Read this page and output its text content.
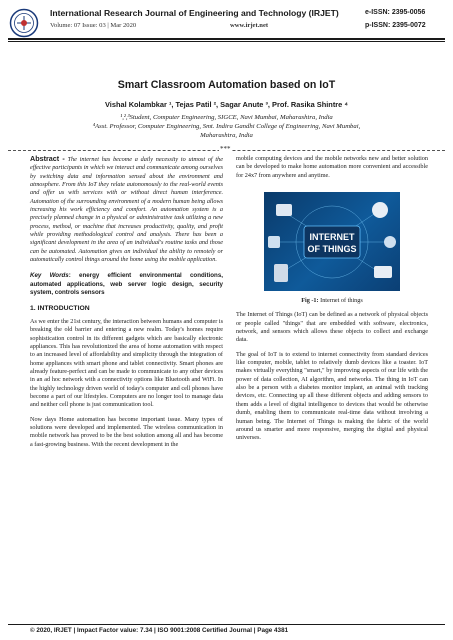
International Research Journal of Engineering and Technology (IRJET)
Volume: 07 Issue: 03 | Mar 2020	www.irjet.net
e-ISSN: 2395-0056
p-ISSN: 2395-0072
Smart Classroom Automation based on IoT
Vishal Kolambkar ¹, Tejas Patil ², Sagar Anute ³, Prof. Rasika Shintre ⁴
¹,²,³Student, Computer Engineering, SIGCE, Navi Mumbai, Maharashtra, India
⁴Asst. Professor, Computer Engineering, Smt. Indira Gandhi College of Engineering, Navi Mumbai,
Maharashtra, India
***

Abstract - The internet has become a daily necessity to utmost of the effective participants in which we interact and communicate among ourselves by switching data and information sensed about the environment and atmosphere. From this IoT they relate autonomously to the real-world events and offer us with services with or without direct human interference. Automation of the surrounding environment of a modern human being allows increasing his work efficiency and comfort. An automation system is a precisely planned change in a physical or administrative task utilizing a new process, method, or machine that increases productivity, quality, and profit while providing methodological control and analysis. There has been a significant development in the area of an individual's routine tasks and those can be automated. Automation gives an individual the ability to remotely or automatically control things around the home using the mobile application.

Key Words: energy efficient environmental conditions, automated applications, web server logic design, security system, controls sensors

1. INTRODUCTION

As we enter the 21st century, the interaction between humans and computer is breaking the old barrier and entering a new realm. Today's homes require sophistication control in its different gadgets which are basically electronic appliances. This has revolutionized the area of home automation with respect to an increased level of affordability and simplicity through the integration of home appliances with smart phone and tablet connectivity. Smart phones are already feature-perfect and can be made to communicate to any other devices in an ad hoc network with a connectivity options like Bluetooth and WiFi. In the highly technology driven world of today's computer and cell phones have become a part of our lifestyles. Computers are no longer tool to manage data and neither cell phone is just communication tool.

Now days Home automation has become important issue. Many types of solutions were developed and implemented. The wireless communication in mobile network has proved to be the best solution among all and has become a fast-growing business. With the recent development in the

mobile computing devices and the mobile networks new and better solution can be developed to make home automation more convenient and accessible for 24x7 from anywhere and anytime.

INTERNET
OF THINGS
Fig -1: Internet of things

The Internet of Things (IoT) can be defined as a network of physical objects or people called "things" that are embedded with software, electronics, network, and sensors which allows these objects to collect and exchange data.

The goal of IoT is to extend to internet connectivity from standard devices like computer, mobile, tablet to relatively dumb devices like a toaster. IoT makes virtually everything "smart," by improving aspects of our life with the power of data collection, AI algorithm, and networks. The thing in IoT can also be a person with a diabetes monitor implant, an animal with tracking devices, etc. Connecting up all these different objects and adding sensors to them adds a level of digital intelligence to devices that would be otherwise dumb, enabling them to communicate real-time data without involving a human being. The Internet of Things is making the fabric of the world around us smarter and more responsive, merging the digital and physical universes.

© 2020, IRJET | Impact Factor value: 7.34 | ISO 9001:2008 Certified Journal | Page 4381
